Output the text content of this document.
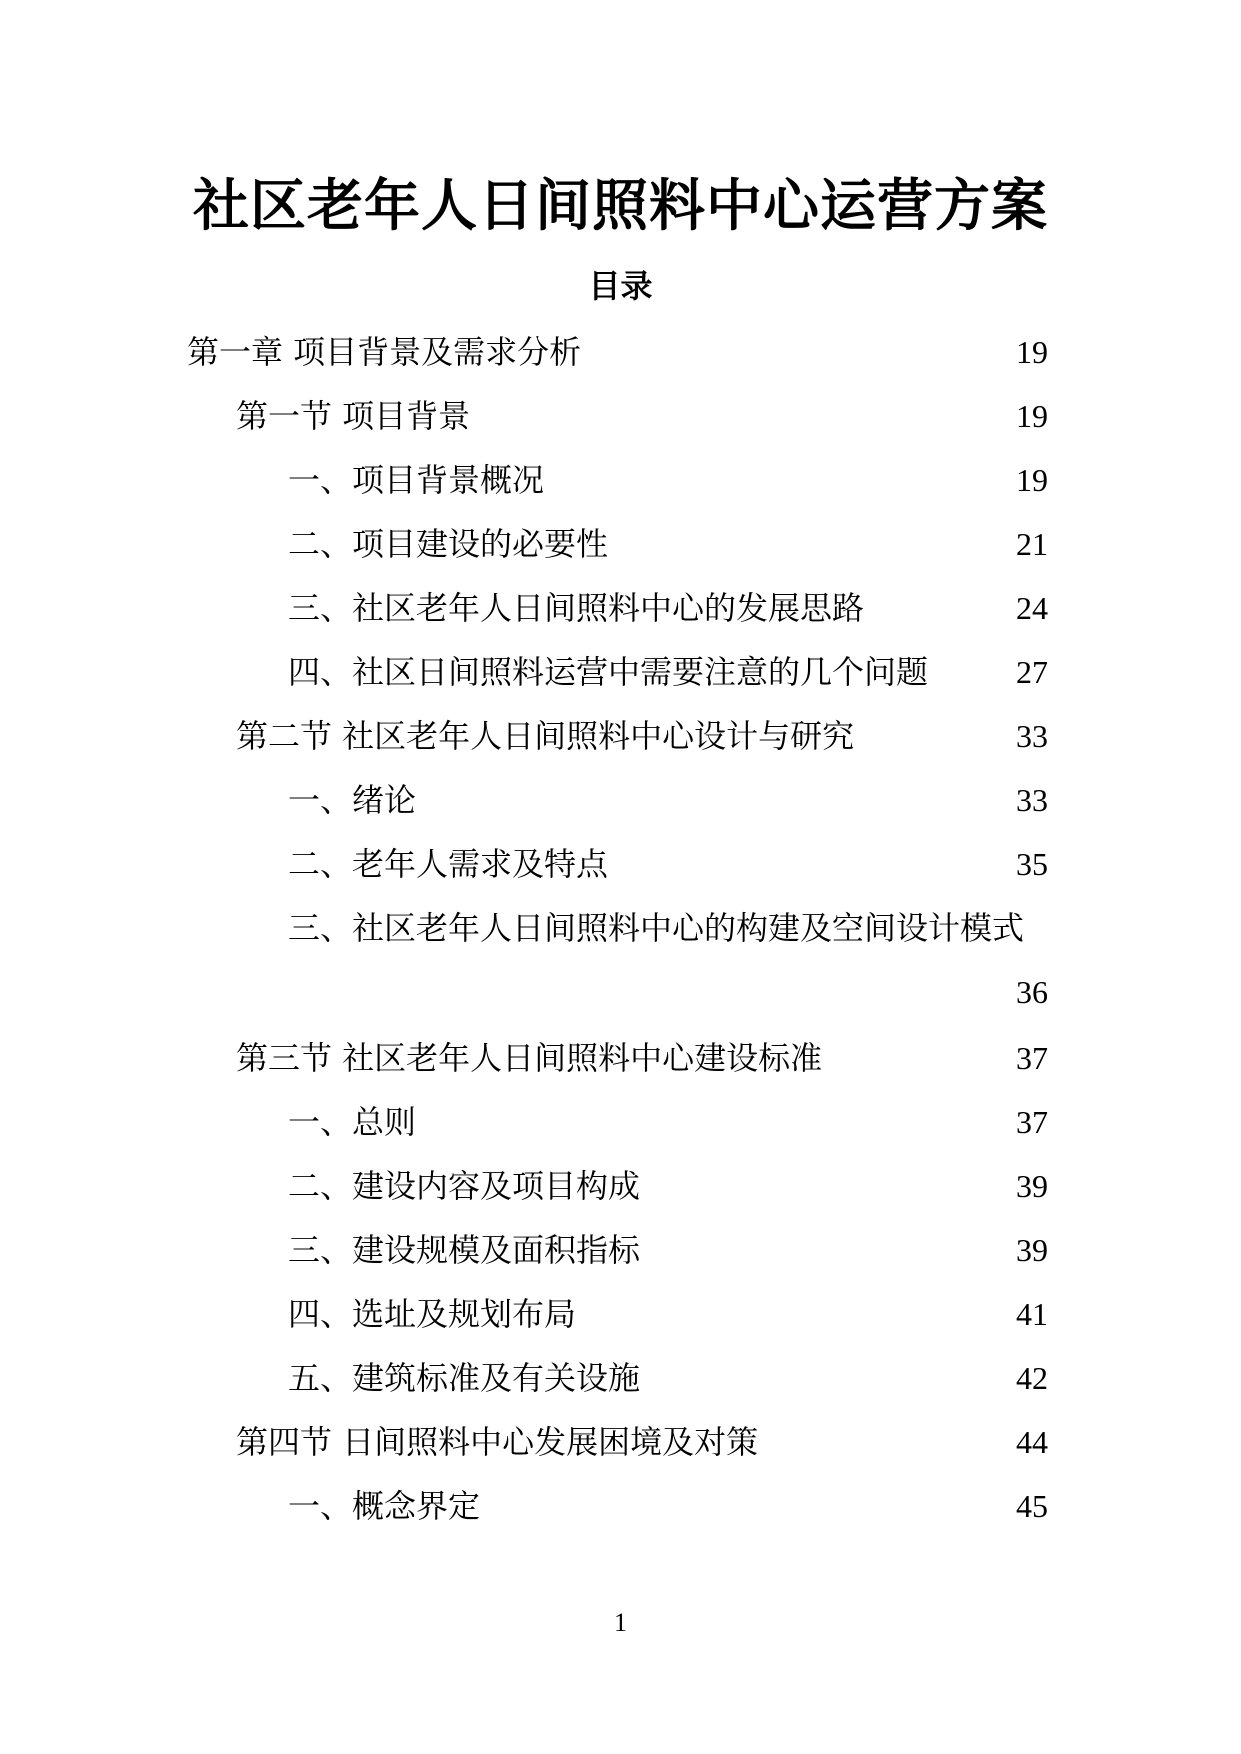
社区老年人日间照料中心运营方案
目录
第一章 项目背景及需求分析	19
第一节 项目背景	19
一、项目背景概况	19
二、项目建设的必要性	21
三、社区老年人日间照料中心的发展思路	24
四、社区日间照料运营中需要注意的几个问题	27
第二节 社区老年人日间照料中心设计与研究	33
一、绪论	33
二、老年人需求及特点	35
三、社区老年人日间照料中心的构建及空间设计模式
36
第三节 社区老年人日间照料中心建设标准	37
一、总则	37
二、建设内容及项目构成	39
三、建设规模及面积指标	39
四、选址及规划布局	41
五、建筑标准及有关设施	42
第四节 日间照料中心发展困境及对策	44
一、概念界定	45
1
